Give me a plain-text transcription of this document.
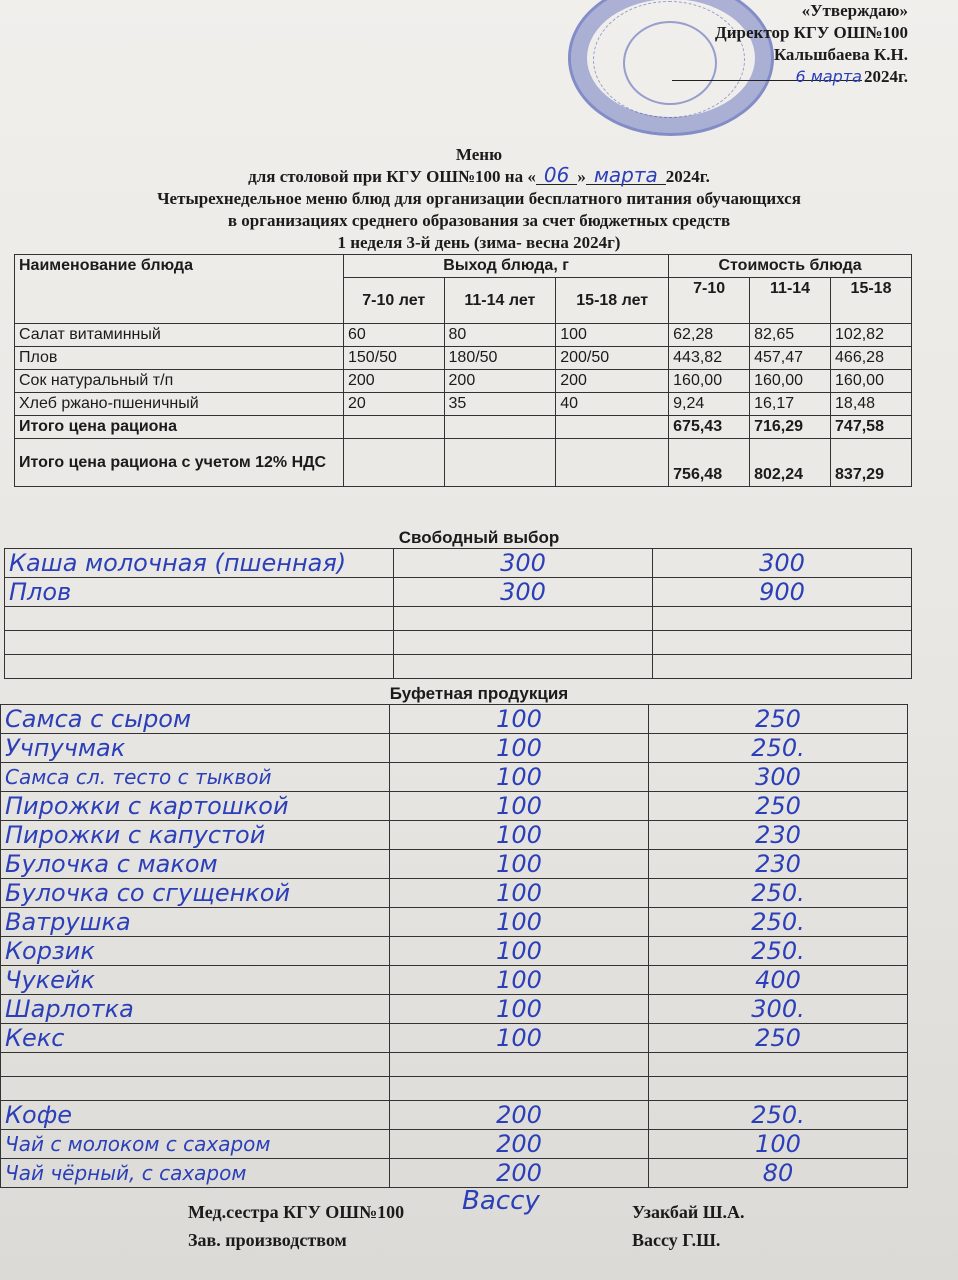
«Утверждаю»
Директор КГУ ОШ№100
Кальшбаева К.Н.
6 марта 2024г.
Меню
для столовой при КГУ ОШ№100 на « 06 » марта 2024г.
Четырехнедельное меню блюд для организации бесплатного питания обучающихся
в организациях среднего образования за счет бюджетных средств
1 неделя 3-й день (зима- весна 2024г)
Наименование блюда	Выход блюда, г			Стоимость блюда		
	7-10 лет	11-14 лет	15-18 лет	7-10	11-14	15-18
Салат витаминный	60	80	100	62,28	82,65	102,82
Плов	150/50	180/50	200/50	443,82	457,47	466,28
Сок натуральный т/п	200	200	200	160,00	160,00	160,00
Хлеб ржано-пшеничный	20	35	40	9,24	16,17	18,48
Итого цена рациона				675,43	716,29	747,58
Итого цена рациона с учетом 12% НДС				756,48	802,24	837,29
Свободный выбор
Каша молочная (пшенная)	300	300
Плов	300	900

Буфетная продукция
Самса с сыром	100	250
Учпучмак	100	250.
Самса сл. тесто с тыквой	100	300
Пирожки с картошкой	100	250
Пирожки с капустой	100	230
Булочка с маком	100	230
Булочка со сгущенкой	100	250.
Ватрушка	100	250.
Корзик	100	250.
Чукейк	100	400
Шарлотка	100	300.
Кекс	100	250

Кофе	200	250.
Чай с молоком с сахаром	200	100
Чай чёрный, с сахаром	200	80
Мед.сестра КГУ ОШ№100
Зав. производством
Вассу	Узакбай Ш.А.
Вассу Г.Ш.
